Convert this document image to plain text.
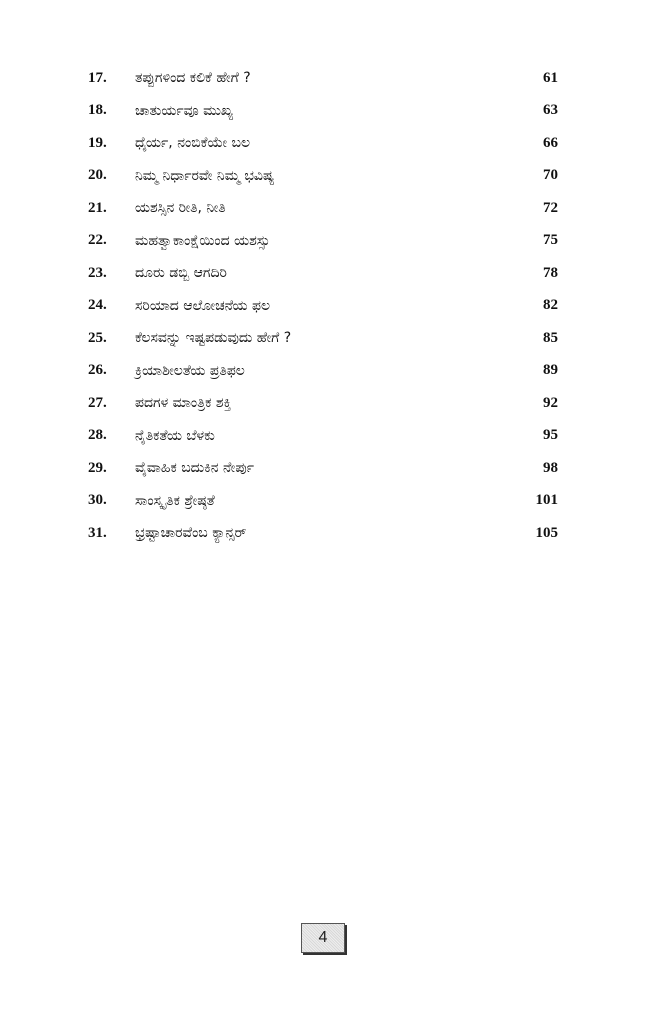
17.	ತಪ್ಪುಗಳಿಂದ ಕಲಿಕೆ ಹೇಗೆ ?	61
18.	ಚಾತುರ್ಯವೂ ಮುಖ್ಯ	63
19.	ಧೈರ್ಯ, ನಂಬಿಕೆಯೇ ಬಲ	66
20.	ನಿಮ್ಮ ನಿರ್ಧಾರವೇ ನಿಮ್ಮ ಭವಿಷ್ಯ	70
21.	ಯಶಸ್ಸಿನ ರೀತಿ, ನೀತಿ	72
22.	ಮಹತ್ವಾಕಾಂಕ್ಷೆಯಿಂದ ಯಶಸ್ಸು	75
23.	ದೂರು ಡಬ್ಬಿ ಆಗದಿರಿ	78
24.	ಸರಿಯಾದ ಆಲೋಚನೆಯ ಫಲ	82
25.	ಕೆಲಸವನ್ನು ಇಷ್ಟಪಡುವುದು ಹೇಗೆ ?	85
26.	ಕ್ರಿಯಾಶೀಲತೆಯ ಪ್ರತಿಫಲ	89
27.	ಪದಗಳ ಮಾಂತ್ರಿಕ ಶಕ್ತಿ	92
28.	ನೈತಿಕತೆಯ ಬೆಳಕು	95
29.	ವೈವಾಹಿಕ ಬದುಕಿನ ನೇರ್ಪು	98
30.	ಸಾಂಸ್ಕೃತಿಕ ಶ್ರೇಷ್ಠತೆ	101
31.	ಭ್ರಷ್ಟಾಚಾರವೆಂಬ ಕ್ಯಾನ್ಸರ್	105
4
